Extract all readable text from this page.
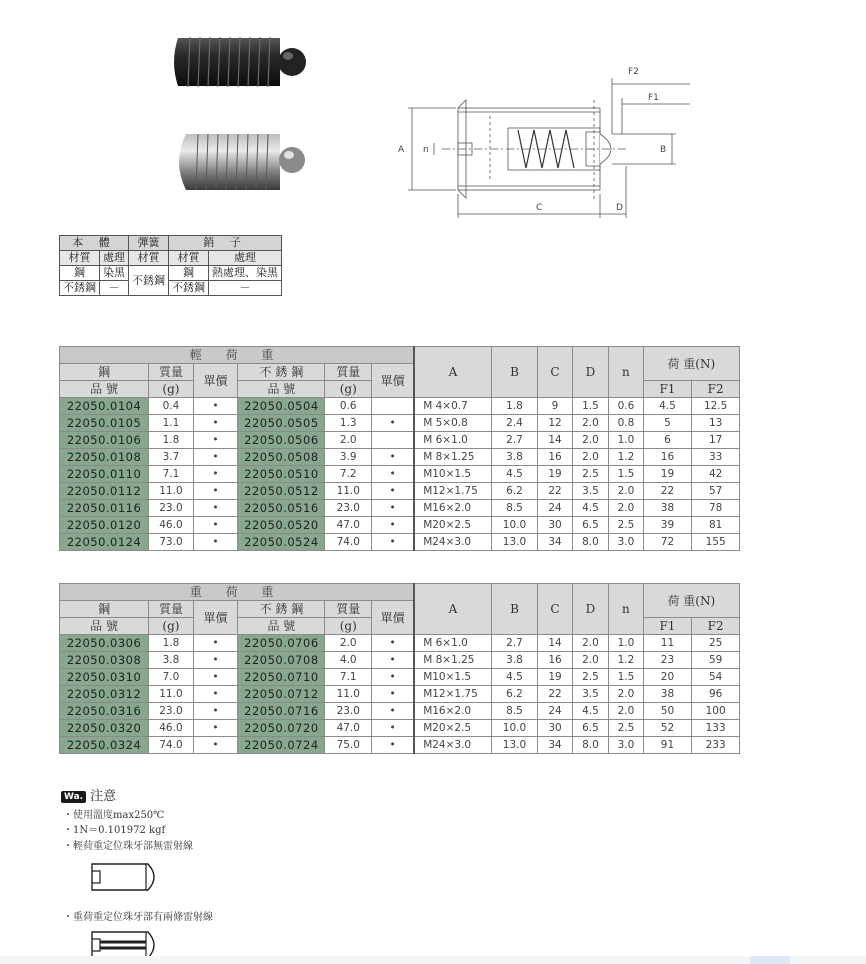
A n	B
C	D
F1
F2
本 體		彈簧	銷 子	
材質	處理	材質	材質	處理
鋼	染黑	不銹鋼	鋼	熱處理、染黑
不銹鋼	－		不銹鋼	－
輕 荷 重						A	B	C	D	n	荷 重(N)	
鋼	質量	單價	不 銹 鋼	質量	單價							
品 號	(g)		品 號	(g)							F1	F2
22050.0104	0.4	•	22050.0504	0.6		M 4×0.7	1.8	9	1.5	0.6	4.5	12.5
22050.0105	1.1	•	22050.0505	1.3	•	M 5×0.8	2.4	12	2.0	0.8	5	13
22050.0106	1.8	•	22050.0506	2.0		M 6×1.0	2.7	14	2.0	1.0	6	17
22050.0108	3.7	•	22050.0508	3.9	•	M 8×1.25	3.8	16	2.0	1.2	16	33
22050.0110	7.1	•	22050.0510	7.2	•	M10×1.5	4.5	19	2.5	1.5	19	42
22050.0112	11.0	•	22050.0512	11.0	•	M12×1.75	6.2	22	3.5	2.0	22	57
22050.0116	23.0	•	22050.0516	23.0	•	M16×2.0	8.5	24	4.5	2.0	38	78
22050.0120	46.0	•	22050.0520	47.0	•	M20×2.5	10.0	30	6.5	2.5	39	81
22050.0124	73.0	•	22050.0524	74.0	•	M24×3.0	13.0	34	8.0	3.0	72	155
重 荷 重						A	B	C	D	n	荷 重(N)	
鋼	質量	單價	不 銹 鋼	質量	單價							
品 號	(g)		品 號	(g)							F1	F2
22050.0306	1.8	•	22050.0706	2.0	•	M 6×1.0	2.7	14	2.0	1.0	11	25
22050.0308	3.8	•	22050.0708	4.0	•	M 8×1.25	3.8	16	2.0	1.2	23	59
22050.0310	7.0	•	22050.0710	7.1	•	M10×1.5	4.5	19	2.5	1.5	20	54
22050.0312	11.0	•	22050.0712	11.0	•	M12×1.75	6.2	22	3.5	2.0	38	96
22050.0316	23.0	•	22050.0716	23.0	•	M16×2.0	8.5	24	4.5	2.0	50	100
22050.0320	46.0	•	22050.0720	47.0	•	M20×2.5	10.0	30	6.5	2.5	52	133
22050.0324	74.0	•	22050.0724	75.0	•	M24×3.0	13.0	34	8.0	3.0	91	233
Wa. 注意
・使用溫度max250℃
・1N＝0.101972 kgf
・輕荷重定位珠牙部無雷射線
・重荷重定位珠牙部有兩條雷射線
